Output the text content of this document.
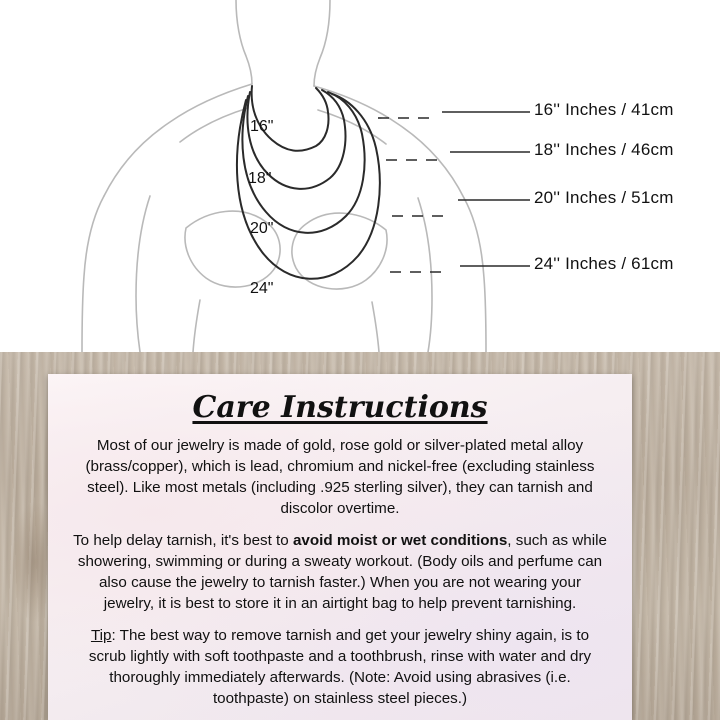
16"
18"
20"
24"
16'' Inches / 41cm
18'' Inches / 46cm
20'' Inches / 51cm
24'' Inches / 61cm
Care Instructions

Most of our jewelry is made of gold, rose gold or silver-plated metal alloy (brass/copper), which is lead, chromium and nickel-free (excluding stainless steel). Like most metals (including .925 sterling silver), they can tarnish and discolor overtime.

To help delay tarnish, it's best to avoid moist or wet conditions, such as while showering, swimming or during a sweaty workout. (Body oils and perfume can also cause the jewelry to tarnish faster.) When you are not wearing your jewelry, it is best to store it in an airtight bag to help prevent tarnishing.

Tip: The best way to remove tarnish and get your jewelry shiny again, is to scrub lightly with soft toothpaste and a toothbrush, rinse with water and dry thoroughly immediately afterwards. (Note: Avoid using abrasives (i.e. toothpaste) on stainless steel pieces.)
